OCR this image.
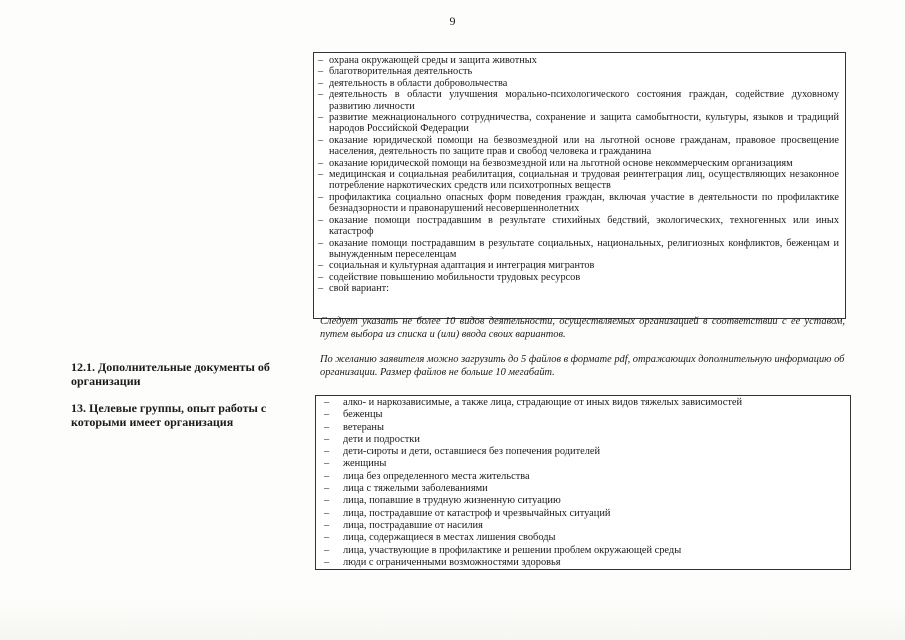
9
– охрана окружающей среды и защита животных
– благотворительная деятельность
– деятельность в области добровольчества
– деятельность в области улучшения морально-психологического состояния граждан, содействие духовному развитию личности
– развитие межнационального сотрудничества, сохранение и защита самобытности, культуры, языков и традиций народов Российской Федерации
– оказание юридической помощи на безвозмездной или на льготной основе гражданам, правовое просвещение населения, деятельность по защите прав и свобод человека и гражданина
– оказание юридической помощи на безвозмездной или на льготной основе некоммерческим организациям
– медицинская и социальная реабилитация, социальная и трудовая реинтеграция лиц, осуществляющих незаконное потребление наркотических средств или психотропных веществ
– профилактика социально опасных форм поведения граждан, включая участие в деятельности по профилактике безнадзорности и правонарушений несовершеннолетних
– оказание помощи пострадавшим в результате стихийных бедствий, экологических, техногенных или иных катастроф
– оказание помощи пострадавшим в результате социальных, национальных, религиозных конфликтов, беженцам и вынужденным переселенцам
– социальная и культурная адаптация и интеграция мигрантов
– содействие повышению мобильности трудовых ресурсов
– свой вариант:
Следует указать не более 10 видов деятельности, осуществляемых организацией в соответствии с ее уставом, путем выбора из списка и (или) ввода своих вариантов.
12.1. Дополнительные документы об организации
По желанию заявителя можно загрузить до 5 файлов в формате pdf, отражающих дополнительную информацию об организации. Размер файлов не больше 10 мегабайт.
13. Целевые группы, опыт работы с которыми имеет организация
– алко- и наркозависимые, а также лица, страдающие от иных видов тяжелых зависимостей
– беженцы
– ветераны
– дети и подростки
– дети-сироты и дети, оставшиеся без попечения родителей
– женщины
– лица без определенного места жительства
– лица с тяжелыми заболеваниями
– лица, попавшие в трудную жизненную ситуацию
– лица, пострадавшие от катастроф и чрезвычайных ситуаций
– лица, пострадавшие от насилия
– лица, содержащиеся в местах лишения свободы
– лица, участвующие в профилактике и решении проблем окружающей среды
– люди с ограниченными возможностями здоровья
